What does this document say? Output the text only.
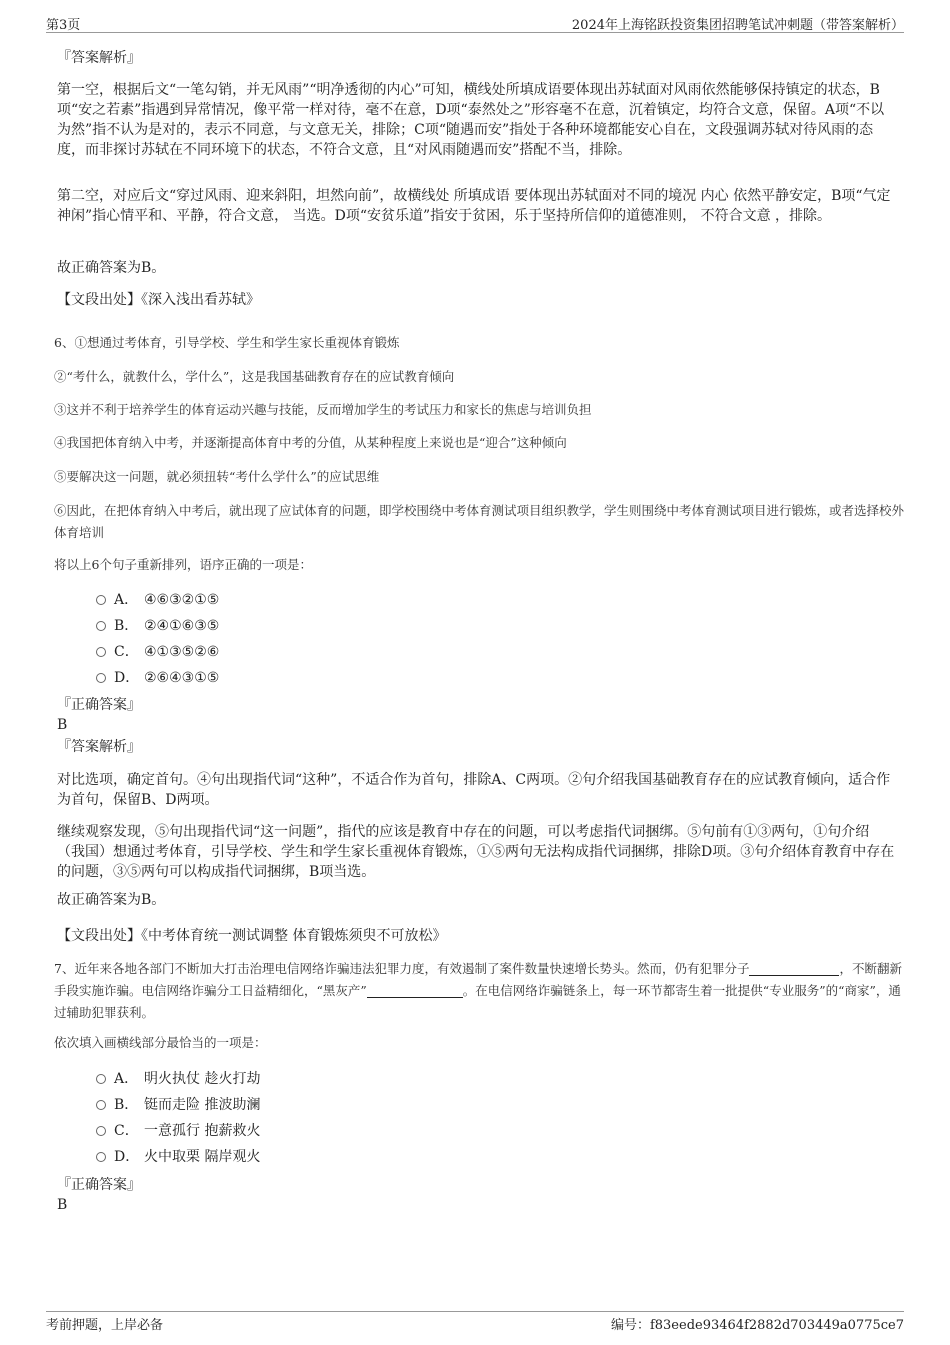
第3页	2024年上海铭跃投资集团招聘笔试冲刺题（带答案解析）
『答案解析』
第一空，根据后文“一笔勾销，并无风雨”“明净透彻的内心”可知，横线处所填成语要体现出苏轼面对风雨依然能够保持镇定的状态，B项“安之若素”指遇到异常情况，像平常一样对待，毫不在意，D项“泰然处之”形容毫不在意，沉着镇定，均符合文意，保留。A项“不以为然”指不认为是对的，表示不同意，与文意无关，排除；C项“随遇而安”指处于各种环境都能安心自在，文段强调苏轼对待风雨的态度，而非探讨苏轼在不同环境下的状态，不符合文意，且“对风雨随遇而安”搭配不当，排除。
第二空，对应后文“穿过风雨、迎来斜阳，坦然向前”，故横线处 所填成语 要体现出苏轼面对不同的境况 内心 依然平静安定，B项“气定神闲”指心情平和、平静，符合文意， 当选。D项“安贫乐道”指安于贫困，乐于坚持所信仰的道德准则， 不符合文意 ，排除。
故正确答案为B。
【文段出处】《深入浅出看苏轼》
6、①想通过考体育，引导学校、学生和学生家长重视体育锻炼
②“考什么，就教什么，学什么”，这是我国基础教育存在的应试教育倾向
③这并不利于培养学生的体育运动兴趣与技能，反而增加学生的考试压力和家长的焦虑与培训负担
④我国把体育纳入中考，并逐渐提高体育中考的分值，从某种程度上来说也是“迎合”这种倾向
⑤要解决这一问题，就必须扭转“考什么学什么”的应试思维
⑥因此，在把体育纳入中考后，就出现了应试体育的问题，即学校围绕中考体育测试项目组织教学，学生则围绕中考体育测试项目进行锻炼，或者选择校外体育培训
将以上6个句子重新排列，语序正确的一项是：
A． ④⑥③②①⑤
B． ②④①⑥③⑤
C． ④①③⑤②⑥
D． ②⑥④③①⑤
『正确答案』
B
『答案解析』
对比选项，确定首句。④句出现指代词“这种”，不适合作为首句，排除A、C两项。②句介绍我国基础教育存在的应试教育倾向，适合作为首句，保留B、D两项。
继续观察发现，⑤句出现指代词“这一问题”，指代的应该是教育中存在的问题，可以考虑指代词捆绑。⑤句前有①③两句，①句介绍（我国）想通过考体育，引导学校、学生和学生家长重视体育锻炼，①⑤两句无法构成指代词捆绑，排除D项。③句介绍体育教育中存在的问题，③⑤两句可以构成指代词捆绑，B项当选。
故正确答案为B。
【文段出处】《中考体育统一测试调整 体育锻炼须臾不可放松》
7、近年来各地各部门不断加大打击治理电信网络诈骗违法犯罪力度，有效遏制了案件数量快速增长势头。然而，仍有犯罪分子	，不断翻新手段实施诈骗。电信网络诈骗分工日益精细化，“黑灰产”	。在电信网络诈骗链条上，每一环节都寄生着一批提供“专业服务”的“商家”，通过辅助犯罪获利。
依次填入画横线部分最恰当的一项是：
A． 明火执仗 趁火打劫
B． 铤而走险 推波助澜
C． 一意孤行 抱薪救火
D． 火中取栗 隔岸观火
『正确答案』
B
考前押题，上岸必备	编号：f83eede93464f2882d703449a0775ce7
